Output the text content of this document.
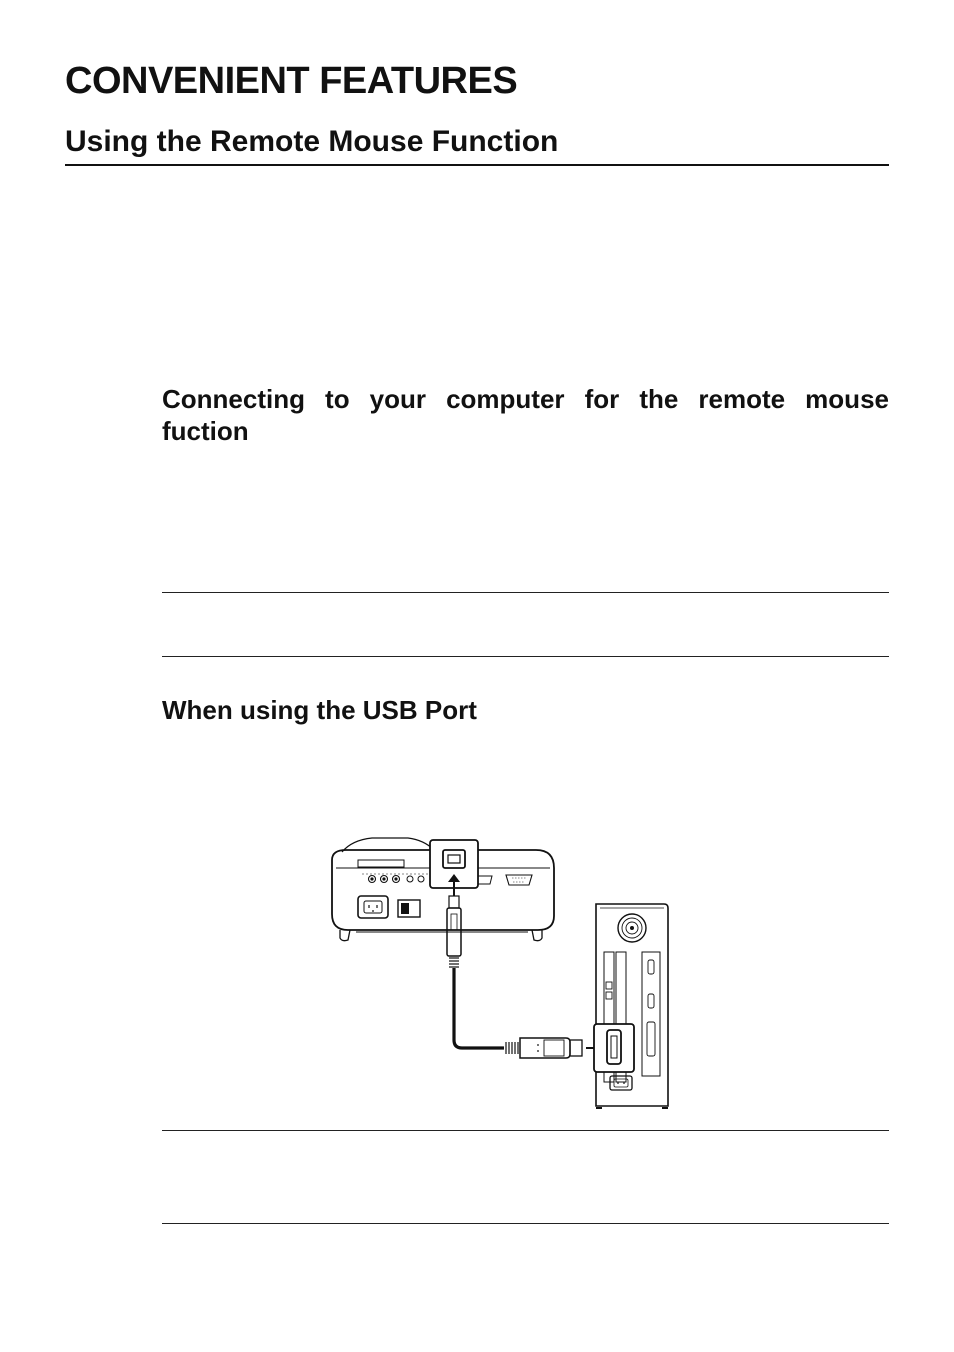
CONVENIENT FEATURES
Using the Remote Mouse Function
Connecting to your computer for the remote mouse fuction
When using the USB Port
